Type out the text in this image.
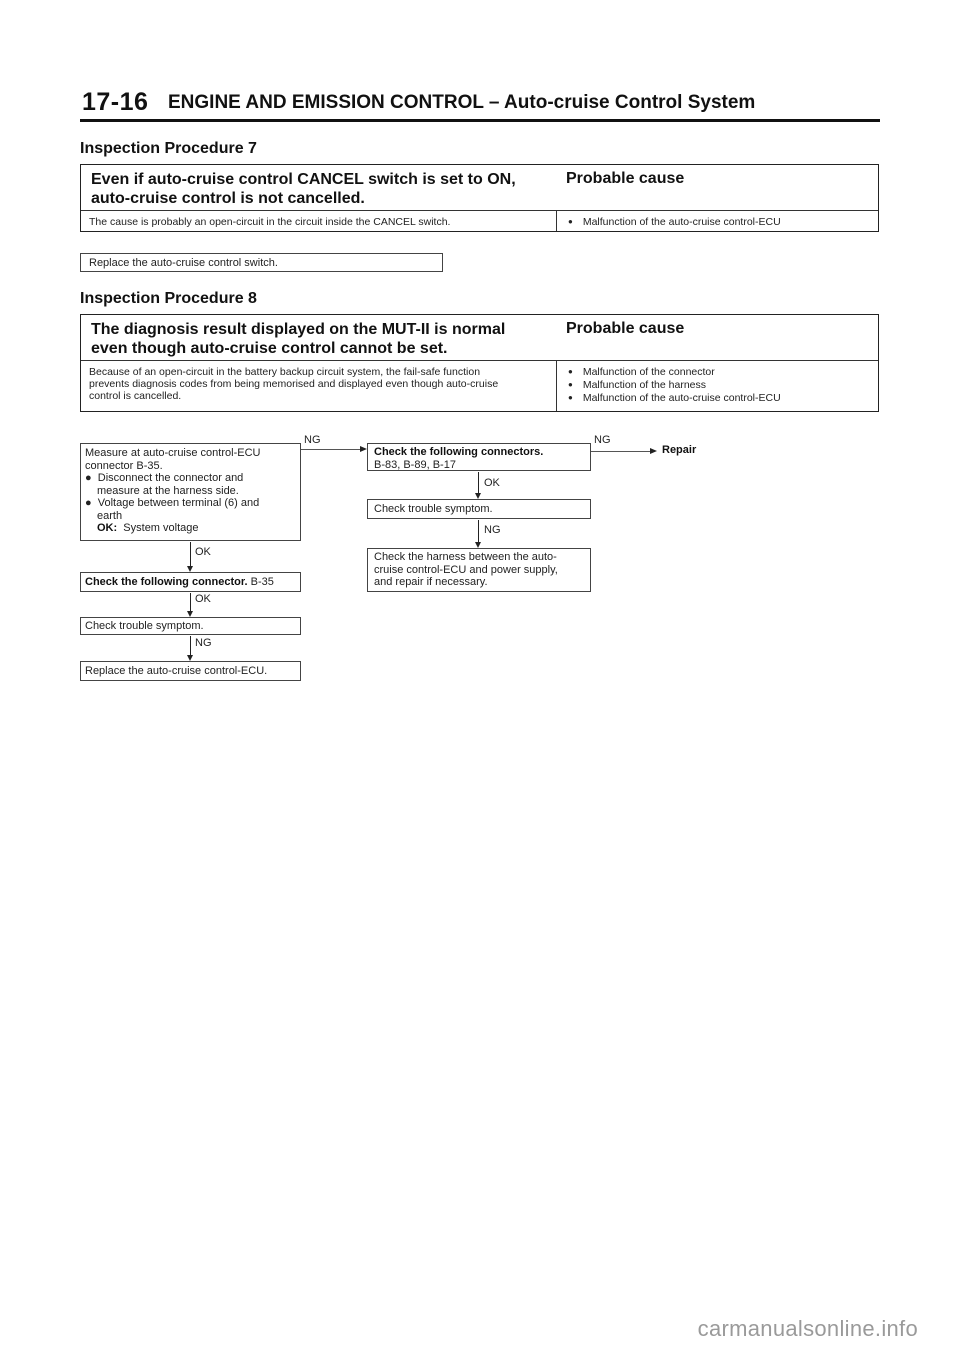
17-16 ENGINE AND EMISSION CONTROL – Auto-cruise Control System
Inspection Procedure 7
Even if auto-cruise control CANCEL switch is set to ON,
auto-cruise control is not cancelled.
Probable cause
The cause is probably an open-circuit in the circuit inside the CANCEL switch.
●	Malfunction of the auto-cruise control-ECU
Replace the auto-cruise control switch.
Inspection Procedure 8
The diagnosis result displayed on the MUT-II is normal
even though auto-cruise control cannot be set.
Probable cause
Because of an open-circuit in the battery backup circuit system, the fail-safe function
prevents diagnosis codes from being memorised and displayed even though auto-cruise
control is cancelled.
● Malfunction of the connector
● Malfunction of the harness
● Malfunction of the auto-cruise control-ECU
Measure at auto-cruise control-ECU
connector B-35.
●  Disconnect the connector and
measure at the harness side.
●  Voltage between terminal (6) and
earth
OK: System voltage
OK
Check the following connector. B-35
OK
Check trouble symptom.
NG
Replace the auto-cruise control-ECU.
NG
Check the following connectors.
B-83, B-89, B-17
NG
Repair
OK
Check trouble symptom.
NG
Check the harness between the auto-
cruise control-ECU and power supply,
and repair if necessary.
carmanualsonline.info
